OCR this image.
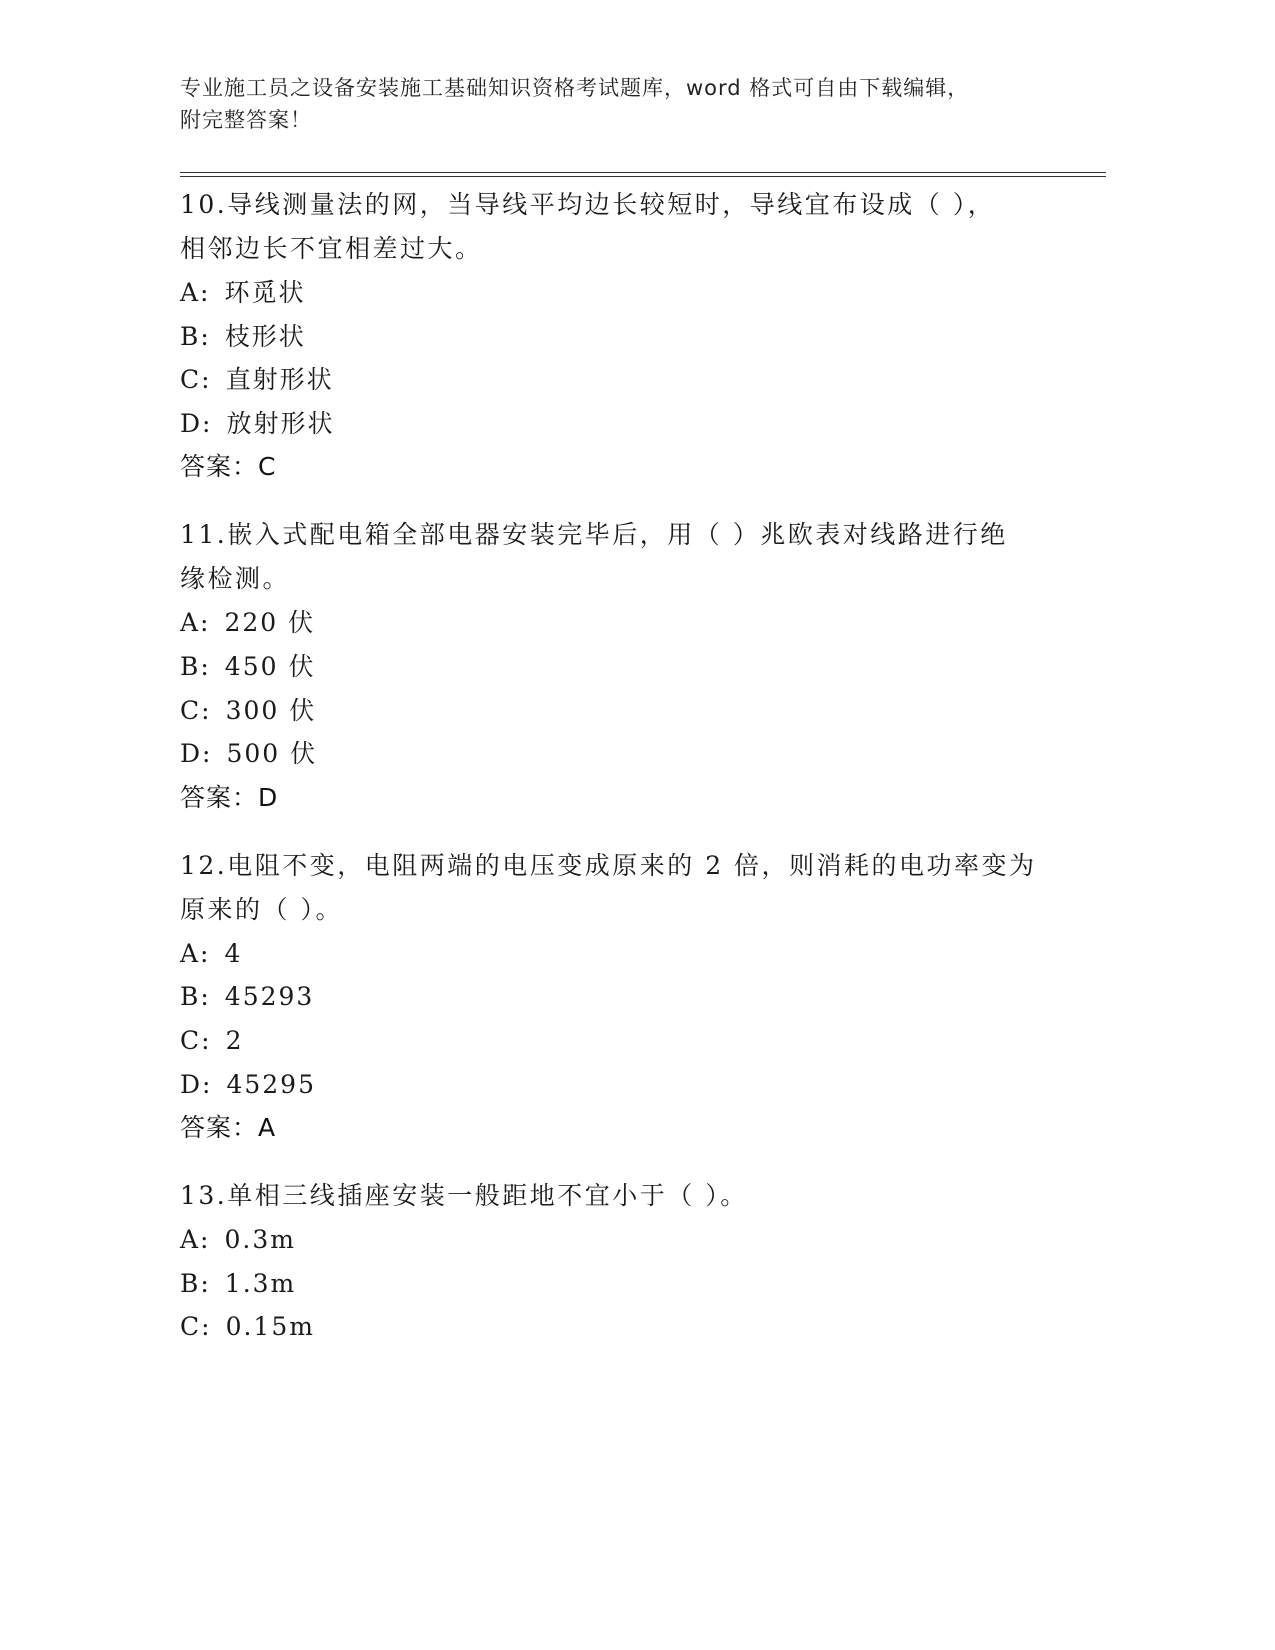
专业施工员之设备安装施工基础知识资格考试题库，word 格式可自由下载编辑，
附完整答案！
10.导线测量法的网，当导线平均边长较短时，导线宜布设成（ ），
相邻边长不宜相差过大。
A: 环觅状
B: 枝形状
C: 直射形状
D: 放射形状
答案：C
11.嵌入式配电箱全部电器安装完毕后，用（ ）兆欧表对线路进行绝
缘检测。
A: 220 伏
B: 450 伏
C: 300 伏
D: 500 伏
答案：D
12.电阻不变，电阻两端的电压变成原来的 2 倍，则消耗的电功率变为
原来的（ ）。
A: 4
B: 45293
C: 2
D: 45295
答案：A
13.单相三线插座安装一般距地不宜小于（ ）。
A: 0.3m
B: 1.3m
C: 0.15m
